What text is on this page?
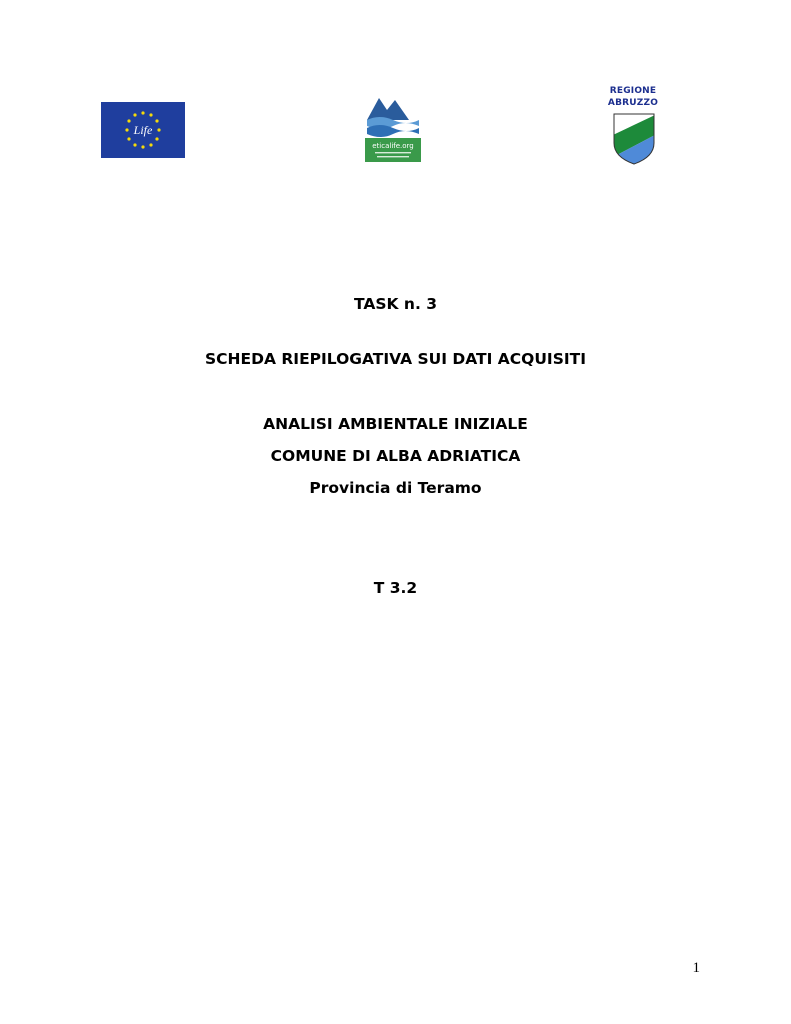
Life
eticalife.org
REGIONE
ABRUZZO
TASK n. 3
SCHEDA RIEPILOGATIVA SUI DATI ACQUISITI
ANALISI AMBIENTALE INIZIALE
COMUNE DI ALBA ADRIATICA
Provincia di Teramo
T 3.2
1
